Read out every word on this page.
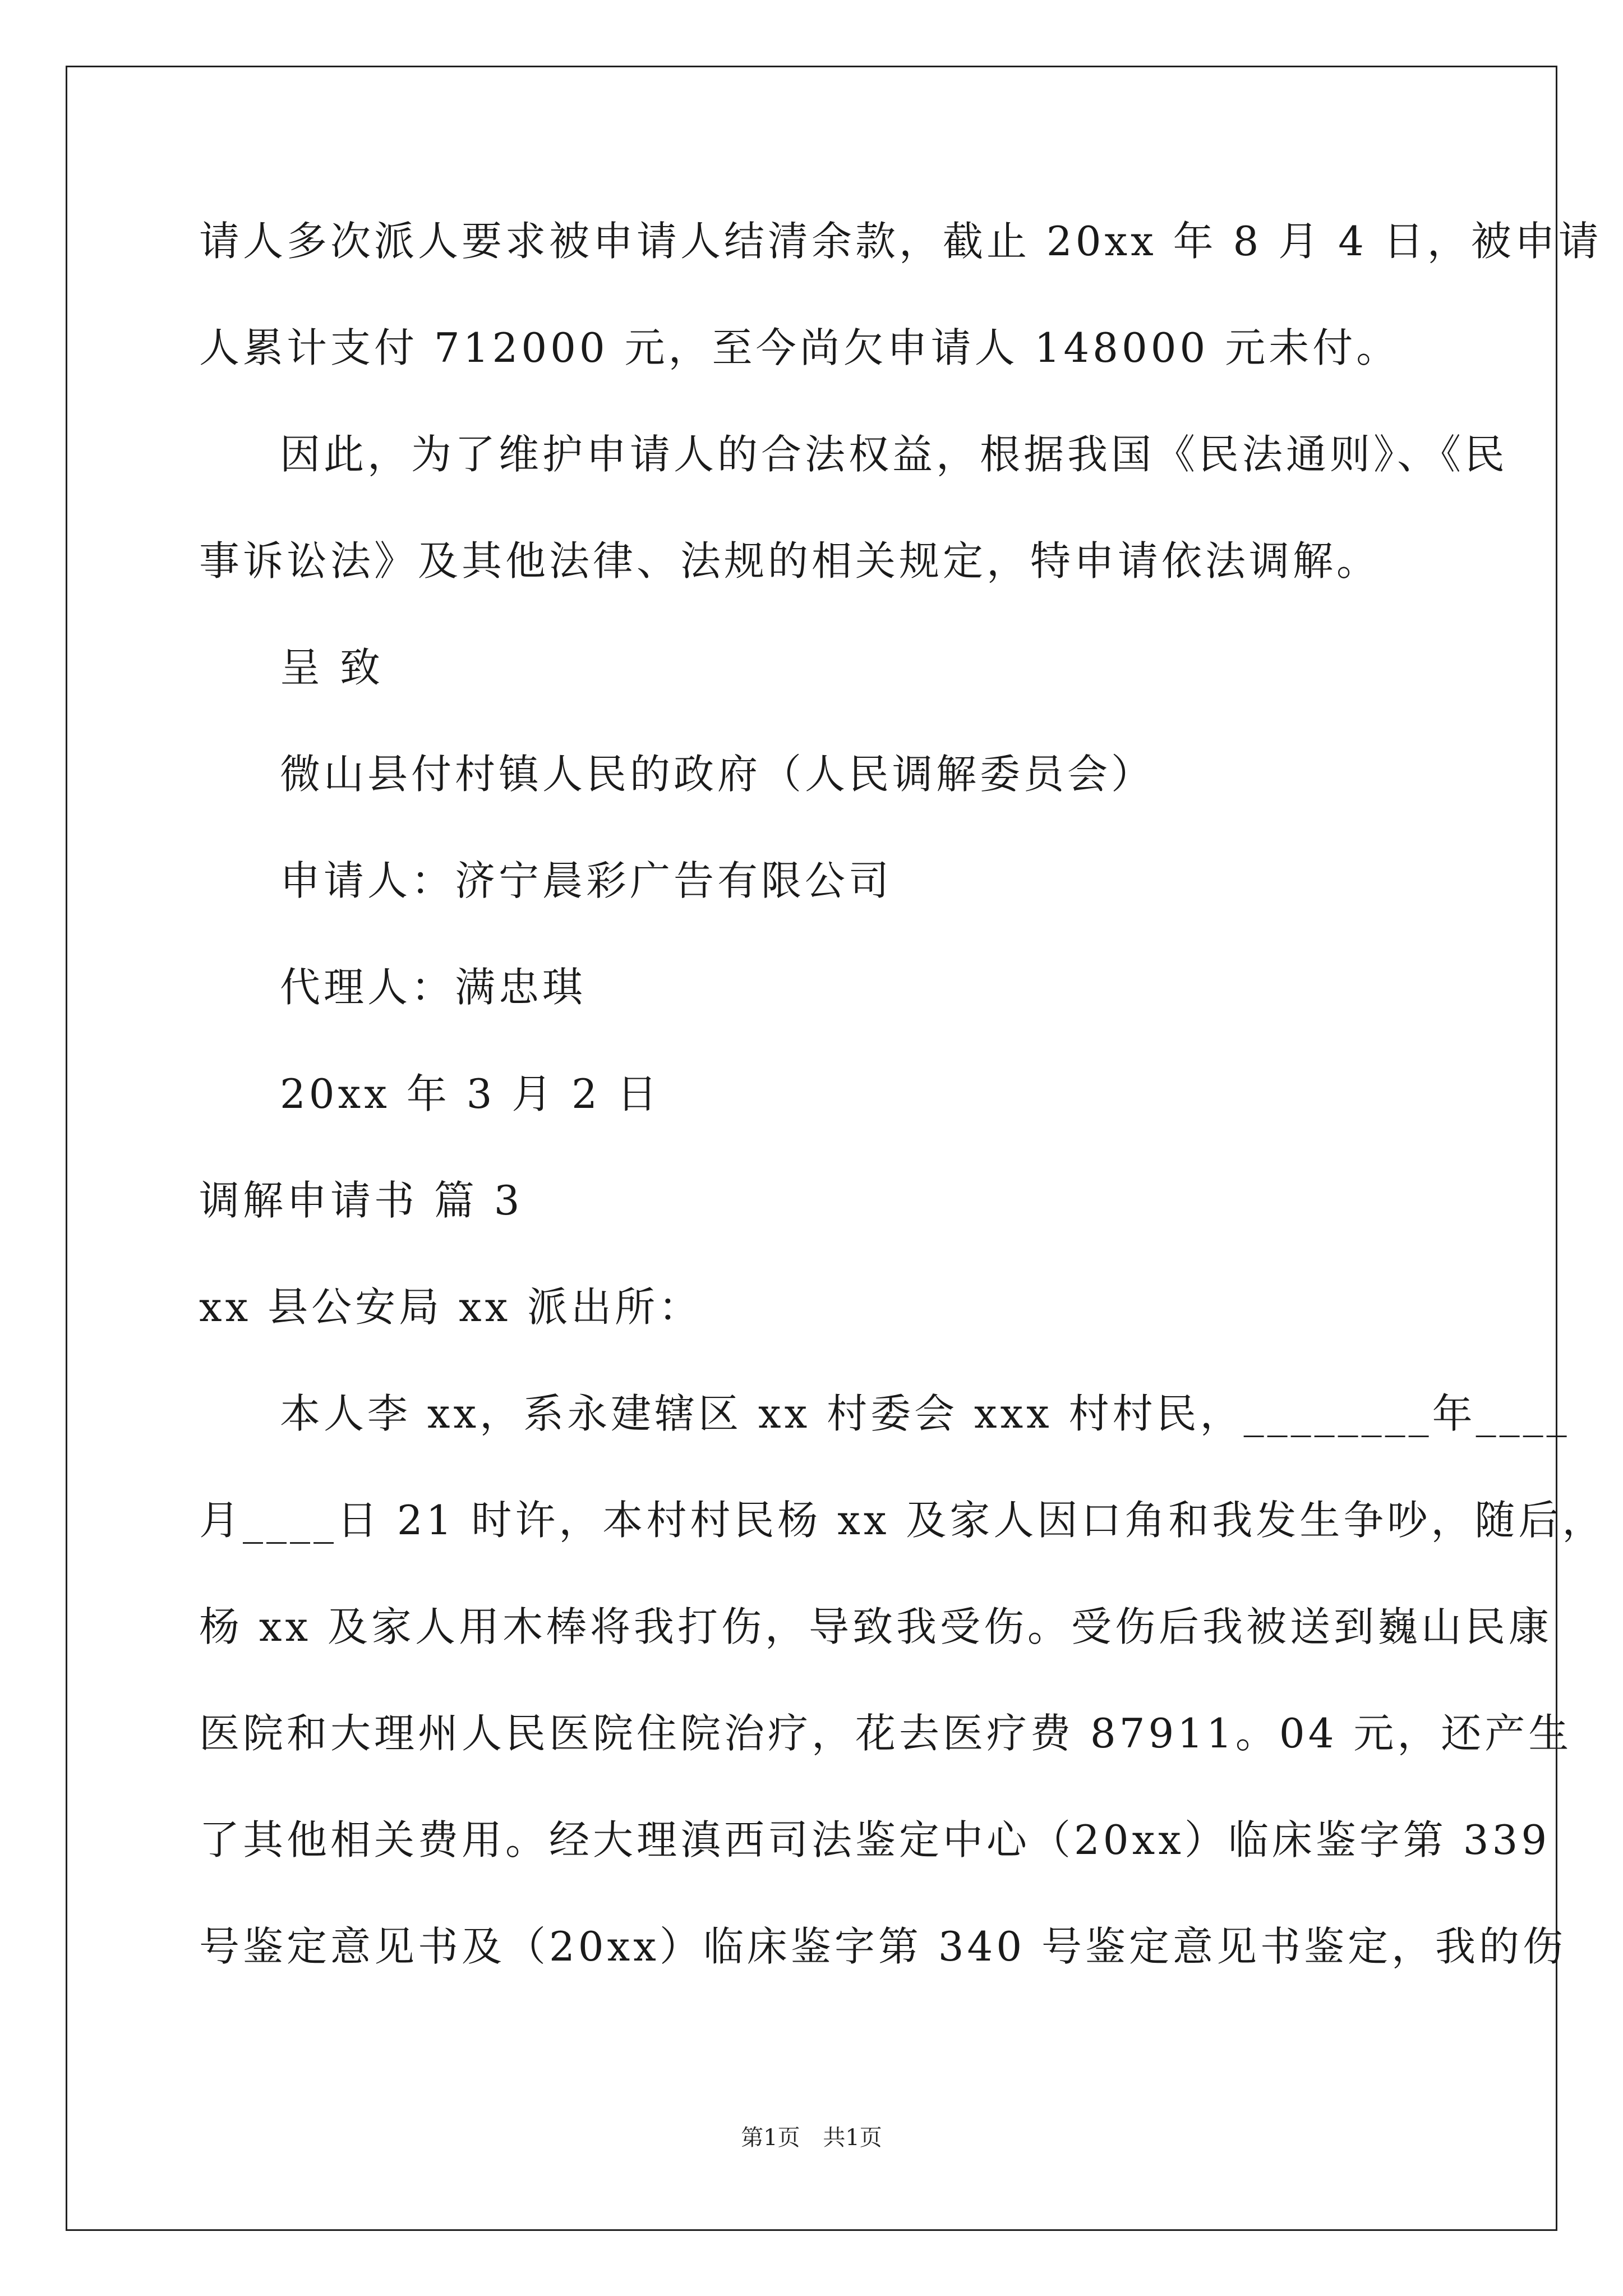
请人多次派人要求被申请人结清余款，截止 20xx 年 8 月 4 日，被申请
人累计支付 712000 元，至今尚欠申请人 148000 元未付。
因此，为了维护申请人的合法权益，根据我国《民法通则》、《民
事诉讼法》及其他法律、法规的相关规定，特申请依法调解。
呈 致
微山县付村镇人民的政府（人民调解委员会）
申请人：济宁晨彩广告有限公司
代理人：满忠琪
20xx 年 3 月 2 日
调解申请书 篇 3
xx 县公安局 xx 派出所：
本人李 xx，系永建辖区 xx 村委会 xxx 村村民，________年____
月____日 21 时许，本村村民杨 xx 及家人因口角和我发生争吵，随后，
杨 xx 及家人用木棒将我打伤，导致我受伤。受伤后我被送到巍山民康
医院和大理州人民医院住院治疗，花去医疗费 87911。04 元，还产生
了其他相关费用。经大理滇西司法鉴定中心（20xx）临床鉴字第 339
号鉴定意见书及（20xx）临床鉴字第 340 号鉴定意见书鉴定，我的伤
第1页 共1页
